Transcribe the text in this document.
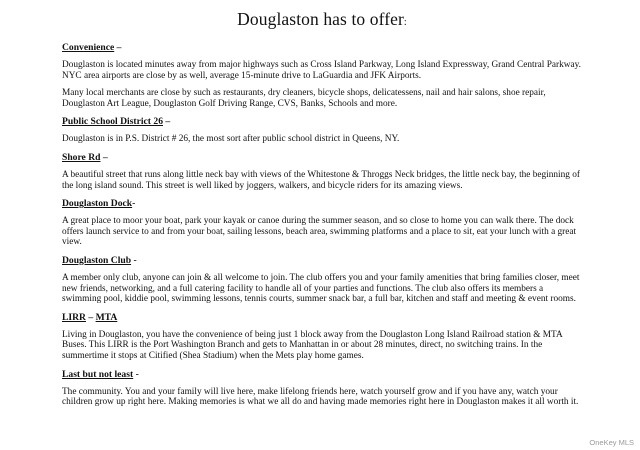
Douglaston has to offer:
Convenience –

Douglaston is located minutes away from major highways such as Cross Island Parkway, Long Island Expressway, Grand Central Parkway. NYC area airports are close by as well, average 15-minute drive to LaGuardia and JFK Airports.

Many local merchants are close by such as restaurants, dry cleaners, bicycle shops, delicatessens, nail and hair salons, shoe repair, Douglaston Art League, Douglaston Golf Driving Range, CVS, Banks, Schools and more.

Public School District 26 –

Douglaston is in P.S. District # 26, the most sort after public school district in Queens, NY.

Shore Rd –

A beautiful street that runs along little neck bay with views of the Whitestone & Throggs Neck bridges, the little neck bay, the beginning of the long island sound. This street is well liked by joggers, walkers, and bicycle riders for its amazing views.

Douglaston Dock-

A great place to moor your boat, park your kayak or canoe during the summer season, and so close to home you can walk there. The dock offers launch service to and from your boat, sailing lessons, beach area, swimming platforms and a place to sit, eat your lunch with a great view.

Douglaston Club -

A member only club, anyone can join & all welcome to join. The club offers you and your family amenities that bring families closer, meet new friends, networking, and a full catering facility to handle all of your parties and functions. The club also offers its members a swimming pool, kiddie pool, swimming lessons, tennis courts, summer snack bar, a full bar, kitchen and staff and meeting & event rooms.

LIRR – MTA

Living in Douglaston, you have the convenience of being just 1 block away from the Douglaston Long Island Railroad station & MTA Buses. This LIRR is the Port Washington Branch and gets to Manhattan in or about 28 minutes, direct, no switching trains. In the summertime it stops at Citified (Shea Stadium) when the Mets play home games.

Last but not least -

The community. You and your family will live here, make lifelong friends here, watch yourself grow and if you have any, watch your children grow up right here. Making memories is what we all do and having made memories right here in Douglaston makes it all worth it.

OneKey MLS
